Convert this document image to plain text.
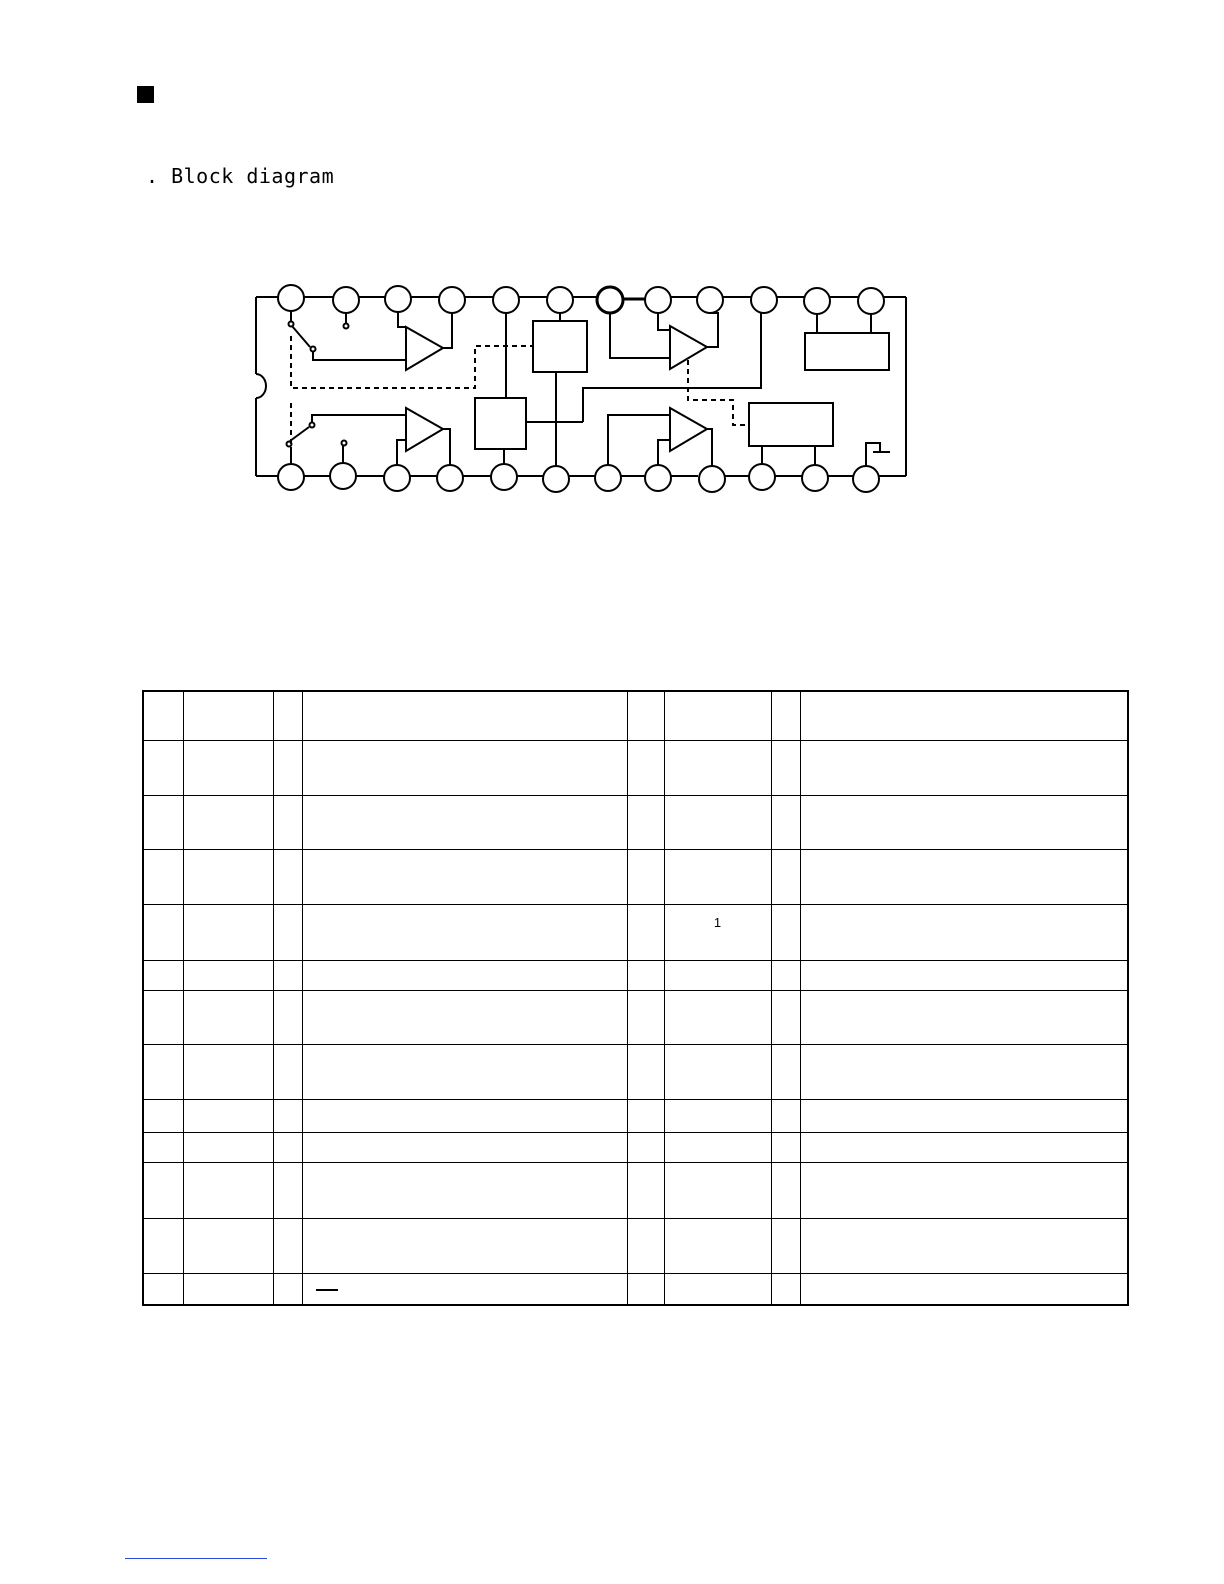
. Block diagram

					1		
